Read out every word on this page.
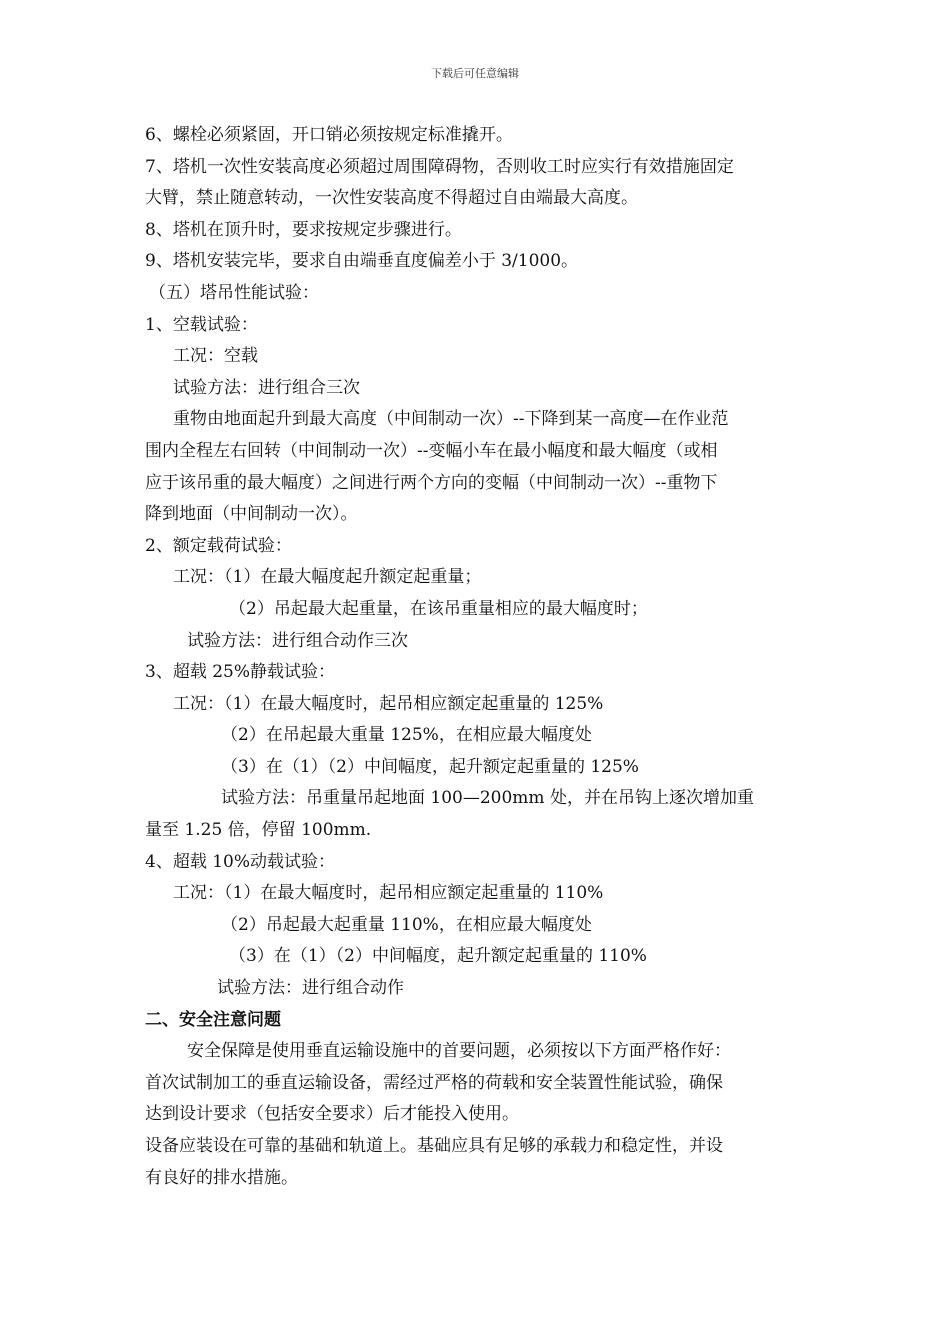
下载后可任意编辑

6、螺栓必须紧固，开口销必须按规定标准撬开。

7、塔机一次性安装高度必须超过周围障碍物，否则收工时应实行有效措施固定

大臂，禁止随意转动，一次性安装高度不得超过自由端最大高度。

8、塔机在顶升时，要求按规定步骤进行。

9、塔机安装完毕，要求自由端垂直度偏差小于 3/1000。

（五）塔吊性能试验：

1、空载试验：

工况：空载

试验方法：进行组合三次

重物由地面起升到最大高度（中间制动一次）--下降到某一高度—在作业范

围内全程左右回转（中间制动一次）--变幅小车在最小幅度和最大幅度（或相

应于该吊重的最大幅度）之间进行两个方向的变幅（中间制动一次）--重物下

降到地面（中间制动一次）。

2、额定载荷试验：

工况：（1）在最大幅度起升额定起重量；

（2）吊起最大起重量，在该吊重量相应的最大幅度时；

试验方法：进行组合动作三次

3、超载 25%静载试验：

工况：（1）在最大幅度时，起吊相应额定起重量的 125%

（2）在吊起最大重量 125%，在相应最大幅度处

（3）在（1）（2）中间幅度，起升额定起重量的 125%

试验方法：吊重量吊起地面 100—200mm 处，并在吊钩上逐次增加重

量至 1.25 倍，停留 100mm.

4、超载 10%动载试验：

工况：（1）在最大幅度时，起吊相应额定起重量的 110%

（2）吊起最大起重量 110%，在相应最大幅度处

（3）在（1）（2）中间幅度，起升额定起重量的 110%

试验方法：进行组合动作

二、安全注意问题

安全保障是使用垂直运输设施中的首要问题，必须按以下方面严格作好：

首次试制加工的垂直运输设备，需经过严格的荷载和安全装置性能试验，确保

达到设计要求（包括安全要求）后才能投入使用。

设备应装设在可靠的基础和轨道上。基础应具有足够的承载力和稳定性，并设

有良好的排水措施。
